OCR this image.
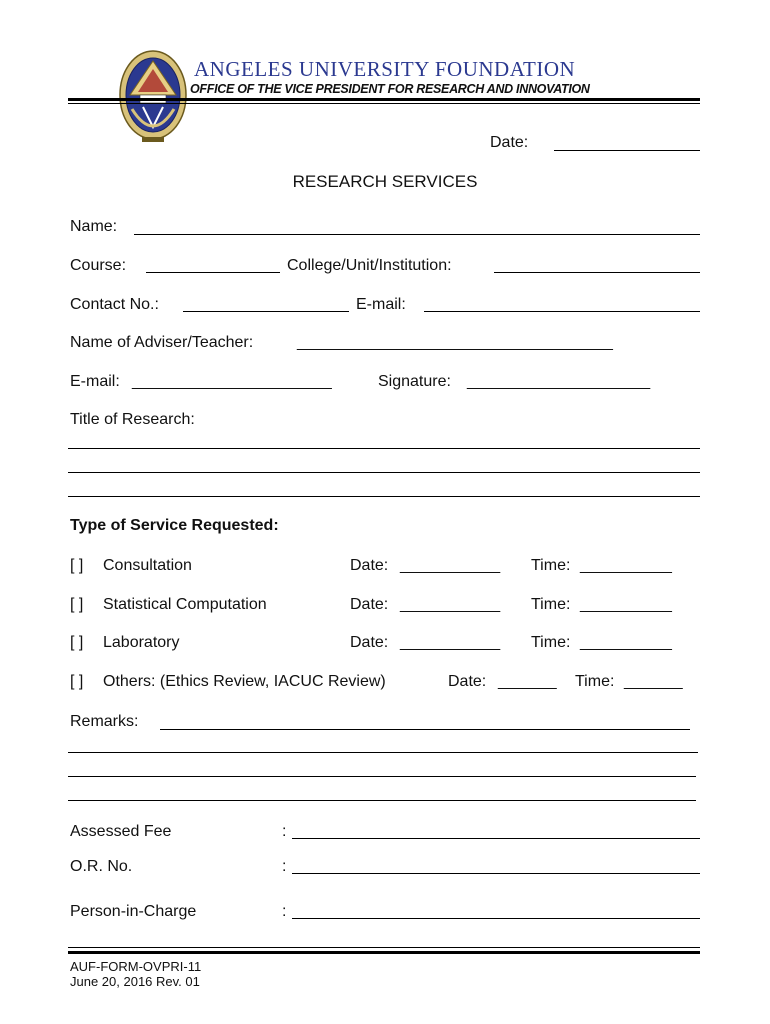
ANGELES UNIVERSITY FOUNDATION
OFFICE OF THE VICE PRESIDENT FOR RESEARCH AND INNOVATION
Date:
RESEARCH SERVICES
Name:
Course:	College/Unit/Institution:
Contact No.:	E-mail:
Name of Adviser/Teacher:	______________________________________
E-mail: ________________________	Signature: ______________________
Title of Research:
Type of Service Requested:
[ ] Consultation	Date: ____________ Time: ___________
[ ] Statistical Computation	Date: ____________ Time: ___________
[ ] Laboratory	Date: ____________ Time: ___________
[ ] Others: (Ethics Review, IACUC Review)	Date: _______ Time: _______
Remarks:
Assessed Fee	:
O.R. No.	:
Person-in-Charge	:
AUF-FORM-OVPRI-11
June 20, 2016 Rev. 01
